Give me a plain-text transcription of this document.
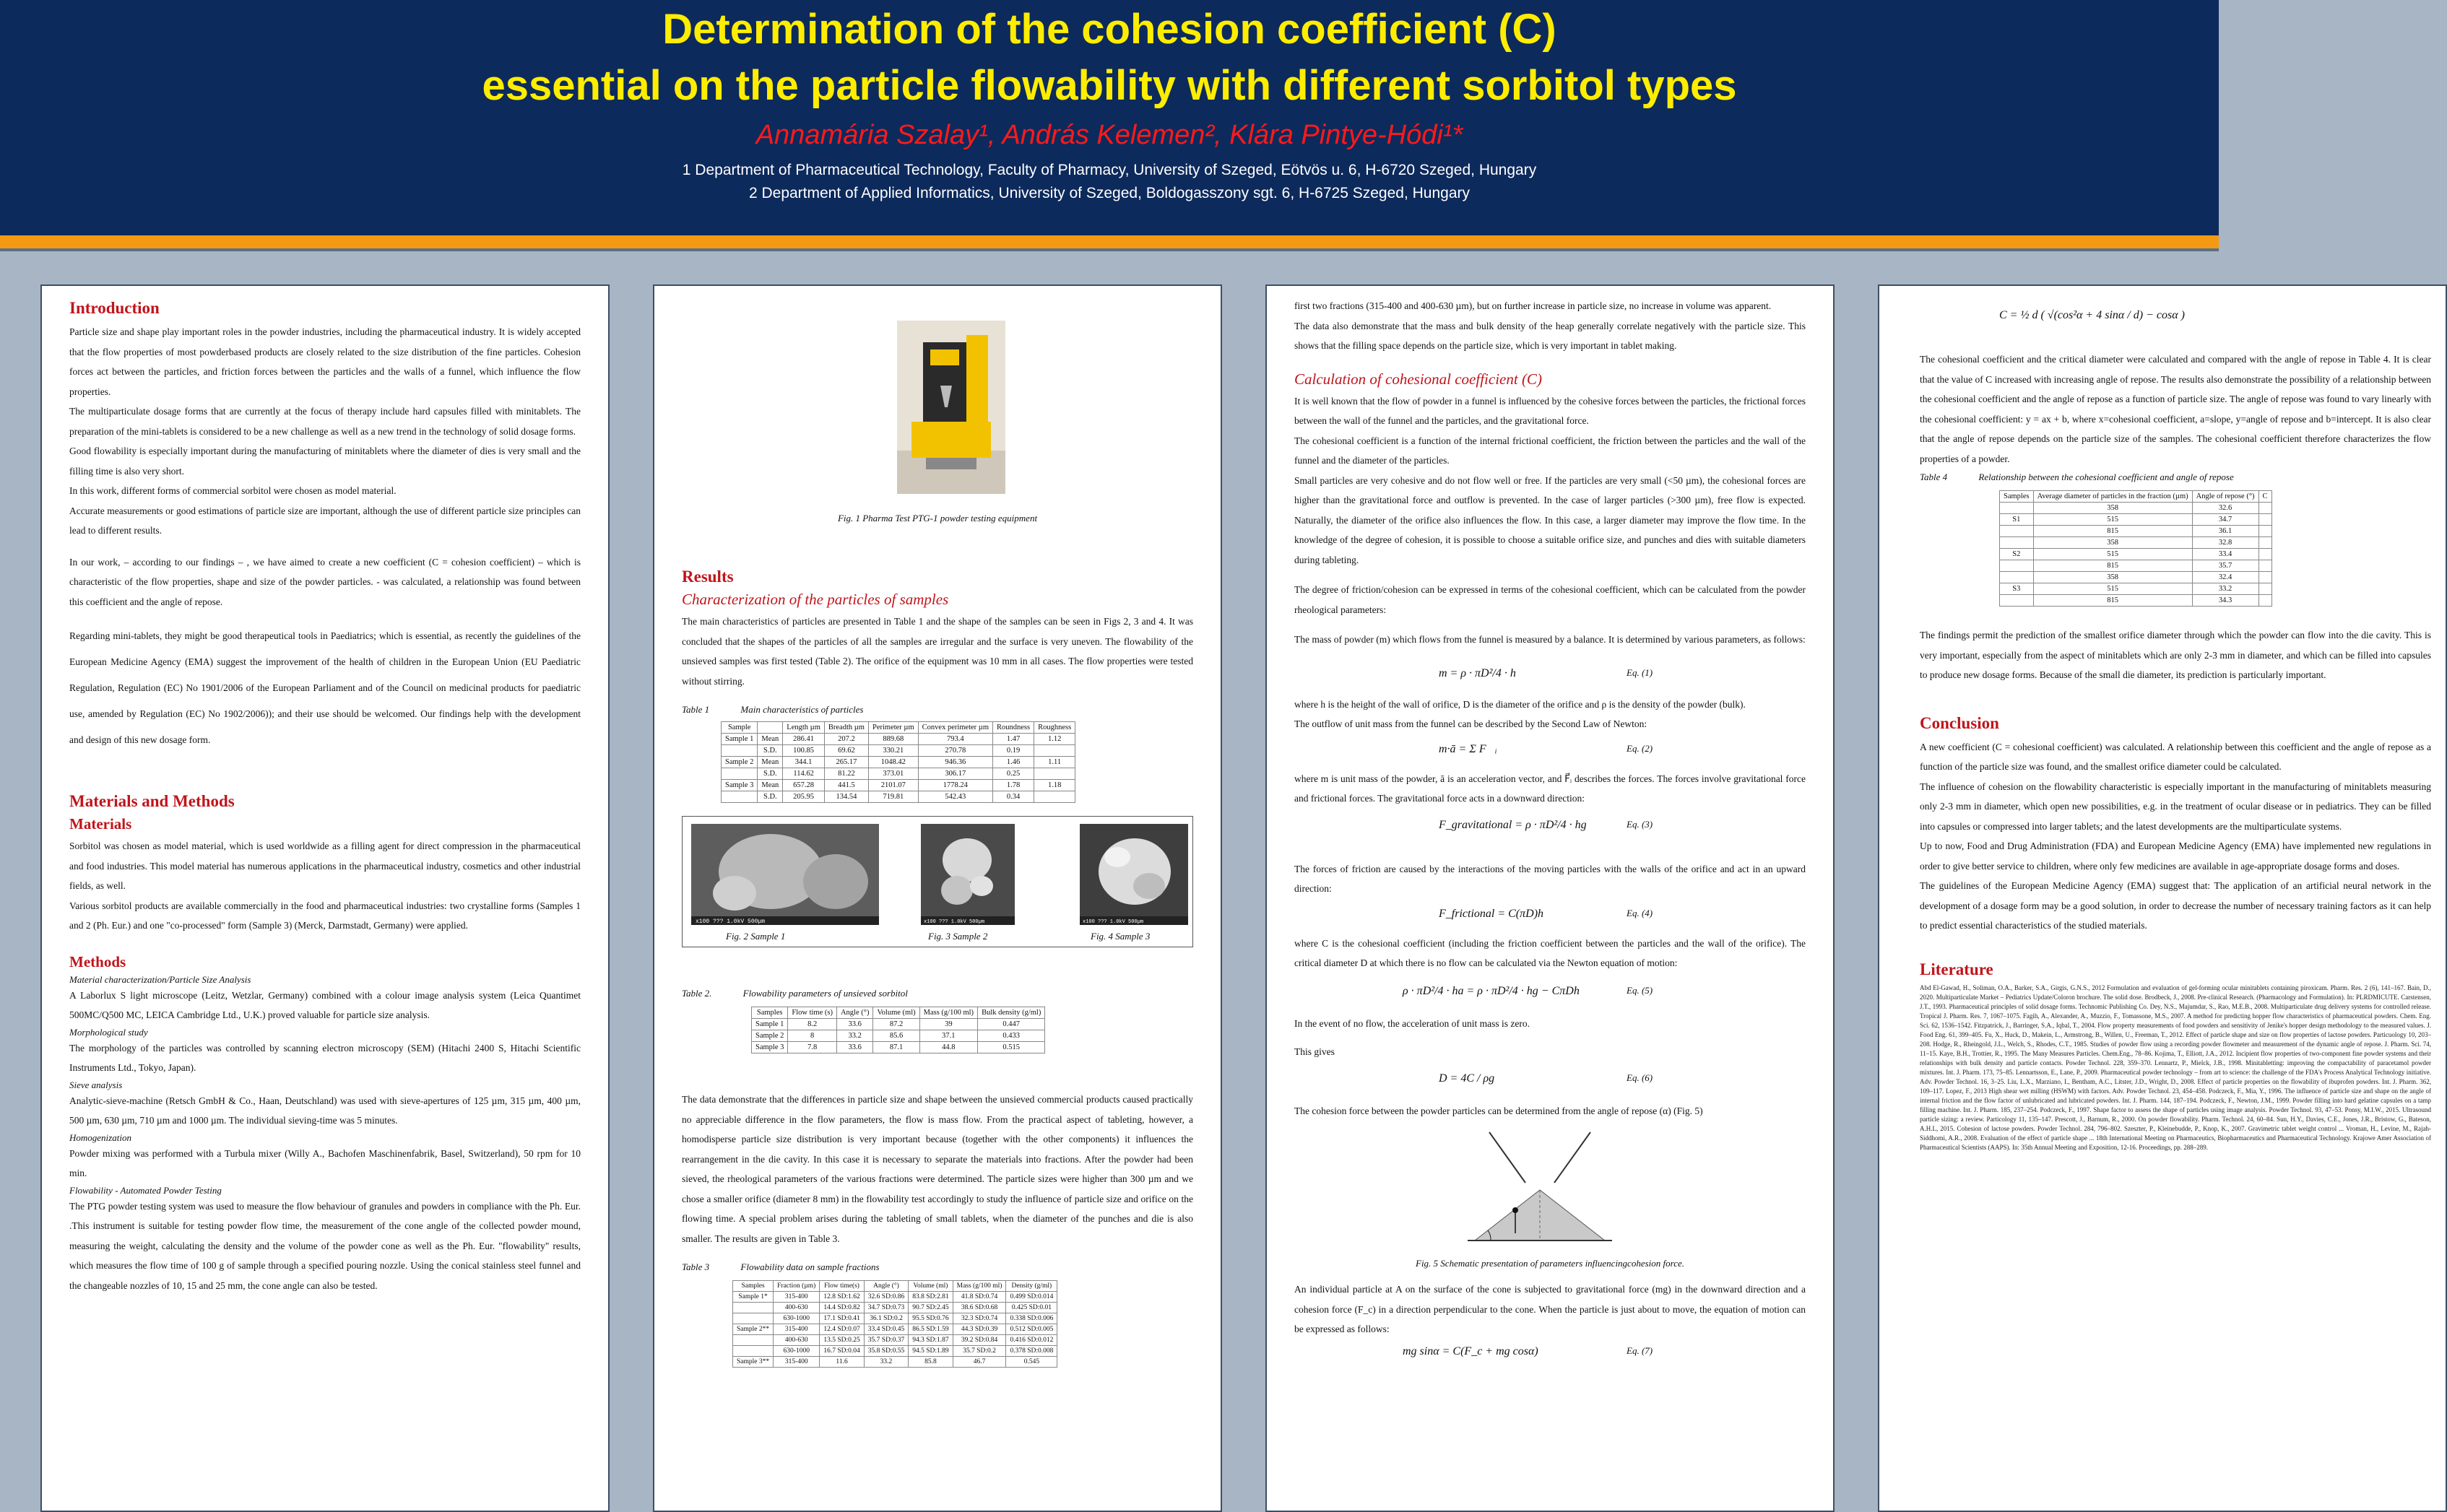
Determination of the cohesion coefficient (C)
essential on the particle flowability with different sorbitol types
Annamária Szalay¹, András Kelemen², Klára Pintye-Hódi¹*
1 Department of Pharmaceutical Technology, Faculty of Pharmacy, University of Szeged, Eötvös u. 6, H-6720 Szeged, Hungary
2 Department of Applied Informatics, University of Szeged, Boldogasszony sgt. 6, H-6725 Szeged, Hungary
Introduction

Particle size and shape play important roles in the powder industries, including the pharmaceutical industry. It is widely accepted that the flow properties of most powderbased products are closely related to the size distribution of the fine particles. Cohesion forces act between the particles, and friction forces between the particles and the walls of a funnel, which influence the flow properties.

The multiparticulate dosage forms that are currently at the focus of therapy include hard capsules filled with minitablets. The preparation of the mini-tablets is considered to be a new challenge as well as a new trend in the technology of solid dosage forms.

Good flowability is especially important during the manufacturing of minitablets where the diameter of dies is very small and the filling time is also very short.

In this work, different forms of commercial sorbitol were chosen as model material.

Accurate measurements or good estimations of particle size are important, although the use of different particle size principles can lead to different results.

In our work, – according to our findings – , we have aimed to create a new coefficient (C = cohesion coefficient) – which is characteristic of the flow properties, shape and size of the powder particles. - was calculated, a relationship was found between this coefficient and the angle of repose.

Regarding mini-tablets, they might be good therapeutical tools in Paediatrics; which is essential, as recently the guidelines of the European Medicine Agency (EMA) suggest the improvement of the health of children in the European Union (EU Paediatric Regulation, Regulation (EC) No 1901/2006 of the European Parliament and of the Council on medicinal products for paediatric use, amended by Regulation (EC) No 1902/2006)); and their use should be welcomed. Our findings help with the development and design of this new dosage form.

Materials and Methods
Materials

Sorbitol was chosen as model material, which is used worldwide as a filling agent for direct compression in the pharmaceutical and food industries. This model material has numerous applications in the pharmaceutical industry, cosmetics and other industrial fields, as well.

Various sorbitol products are available commercially in the food and pharmaceutical industries: two crystalline forms (Samples 1 and 2 (Ph. Eur.) and one "co-processed" form (Sample 3) (Merck, Darmstadt, Germany) were applied.

Methods
Material characterization/Particle Size Analysis

A Laborlux S light microscope (Leitz, Wetzlar, Germany) combined with a colour image analysis system (Leica Quantimet 500MC/Q500 MC, LEICA Cambridge Ltd., U.K.) proved valuable for particle size analysis.

Morphological study

The morphology of the particles was controlled by scanning electron microscopy (SEM) (Hitachi 2400 S, Hitachi Scientific Instruments Ltd., Tokyo, Japan).

Sieve analysis

Analytic-sieve-machine (Retsch GmbH & Co., Haan, Deutschland) was used with sieve-apertures of 125 µm, 315 µm, 400 µm, 500 µm, 630 µm, 710 µm and 1000 µm. The individual sieving-time was 5 minutes.

Homogenization

Powder mixing was performed with a Turbula mixer (Willy A., Bachofen Maschinenfabrik, Basel, Switzerland), 50 rpm for 10 min.

Flowability - Automated Powder Testing

The PTG powder testing system was used to measure the flow behaviour of granules and powders in compliance with the Ph. Eur. .This instrument is suitable for testing powder flow time, the measurement of the cone angle of the collected powder mound, measuring the weight, calculating the density and the volume of the powder cone as well as the Ph. Eur. "flowability" results, which measures the flow time of 100 g of sample through a specified pouring nozzle. Using the conical stainless steel funnel and the changeable nozzles of 10, 15 and 25 mm, the cone angle can also be tested.

Fig. 1 Pharma Test PTG-1 powder testing equipment
Results
Characterization of the particles of samples

The main characteristics of particles are presented in Table 1 and the shape of the samples can be seen in Figs 2, 3 and 4. It was concluded that the shapes of the particles of all the samples are irregular and the surface is very uneven. The flowability of the unsieved samples was first tested (Table 2). The orifice of the equipment was 10 mm in all cases. The flow properties were tested without stirring.

Table 1	Main characteristics of particles
Sample		Length µm	Breadth µm	Perimeter µm	Convex perimeter µm	Roundness	Roughness
Sample 1	Mean	286.41	207.2	889.68	793.4	1.47	1.12
	S.D.	100.85	69.62	330.21	270.78	0.19	
Sample 2	Mean	344.1	265.17	1048.42	946.36	1.46	1.11
	S.D.	114.62	81.22	373.01	306.17	0.25	
Sample 3	Mean	657.28	441.5	2101.07	1778.24	1.78	1.18
	S.D.	205.95	134.54	719.81	542.43	0.34	
x100 ??? 1.0kV 500µm	x100 ??? 1.0kV 500µm	x100 ??? 1.0kV 500µm
Fig. 2 Sample 1	Fig. 3 Sample 2	Fig. 4 Sample 3
Table 2.	Flowability parameters of unsieved sorbitol
Samples	Flow time (s)	Angle (°)	Volume (ml)	Mass (g/100 ml)	Bulk density (g/ml)
Sample 1	8.2	33.6	87.2	39	0.447
Sample 2	8	33.2	85.6	37.1	0.433
Sample 3	7.8	33.6	87.1	44.8	0.515

The data demonstrate that the differences in particle size and shape between the unsieved commercial products caused practically no appreciable difference in the flow parameters, the flow is mass flow. From the practical aspect of tableting, however, a homodisperse particle size distribution is very important because (together with the other components) it influences the rearrangement in the die cavity. In this case it is necessary to separate the materials into fractions. After the powder had been sieved, the rheological parameters of the various fractions were determined. The particle sizes were higher than 300 µm and we chose a smaller orifice (diameter 8 mm) in the flowability test accordingly to study the influence of particle size and orifice on the flowing time. A special problem arises during the tableting of small tablets, when the diameter of the punches and die is also smaller. The results are given in Table 3.

Table 3	Flowability data on sample fractions
Samples	Fraction (µm)	Flow time(s)	Angle (°)	Volume (ml)	Mass (g/100 ml)	Density (g/ml)
Sample 1*	315-400	12.8 SD:1.62	32.6 SD:0.86	83.8 SD:2.81	41.8 SD:0.74	0.499 SD:0.014
	400-630	14.4 SD:0.82	34.7 SD:0.73	90.7 SD:2.45	38.6 SD:0.68	0.425 SD:0.01
	630-1000	17.1 SD:0.41	36.1 SD:0.2	95.5 SD:0.76	32.3 SD:0.74	0.338 SD:0.006
Sample 2**	315-400	12.4 SD:0.07	33.4 SD:0.45	86.5 SD:1.59	44.3 SD:0.39	0.512 SD:0.005
	400-630	13.5 SD:0.25	35.7 SD:0.37	94.3 SD:1.87	39.2 SD:0.84	0.416 SD:0.012
	630-1000	16.7 SD:0.04	35.8 SD:0.55	94.5 SD:1.89	35.7 SD:0.2	0.378 SD:0.008
Sample 3**	315-400	11.6	33.2	85.8	46.7	0.545

first two fractions (315-400 and 400-630 µm), but on further increase in particle size, no increase in volume was apparent.

The data also demonstrate that the mass and bulk density of the heap generally correlate negatively with the particle size. This shows that the filling space depends on the particle size, which is very important in tablet making.

Calculation of cohesional coefficient (C)

It is well known that the flow of powder in a funnel is influenced by the cohesive forces between the particles, the frictional forces between the wall of the funnel and the particles, and the gravitational force.

The cohesional coefficient is a function of the internal frictional coefficient, the friction between the particles and the wall of the funnel and the diameter of the particles.

Small particles are very cohesive and do not flow well or free. If the particles are very small (<50 µm), the cohesional forces are higher than the gravitational force and outflow is prevented. In the case of larger particles (>300 µm), free flow is expected. Naturally, the diameter of the orifice also influences the flow. In this case, a larger diameter may improve the flow time. In the knowledge of the degree of cohesion, it is possible to choose a suitable orifice size, and punches and dies with suitable diameters during tableting.

The degree of friction/cohesion can be expressed in terms of the cohesional coefficient, which can be calculated from the powder rheological parameters:

The mass of powder (m) which flows from the funnel is measured by a balance. It is determined by various parameters, as follows:

m = ρ · πD²/4 · h	Eq. (1)

where h is the height of the wall of orifice, D is the diameter of the orifice and ρ is the density of the powder (bulk).

The outflow of unit mass from the funnel can be described by the Second Law of Newton:

m·ā = Σ F⃗ᵢ	Eq. (2)

where m is unit mass of the powder, ā is an acceleration vector, and F⃗ᵢ describes the forces. The forces involve gravitational force and frictional forces. The gravitational force acts in a downward direction:

F_gravitational = ρ · πD²/4 · hg	Eq. (3)

The forces of friction are caused by the interactions of the moving particles with the walls of the orifice and act in an upward direction:

F_frictional = C(πD)h	Eq. (4)

where C is the cohesional coefficient (including the friction coefficient between the particles and the wall of the orifice). The critical diameter D at which there is no flow can be calculated via the Newton equation of motion:

ρ · πD²/4 · ha = ρ · πD²/4 · hg − CπDh	Eq. (5)

In the event of no flow, the acceleration of unit mass is zero.

This gives

D = 4C / ρg	Eq. (6)

The cohesion force between the powder particles can be determined from the angle of repose (α) (Fig. 5)

Fig. 5 Schematic presentation of parameters influencingcohesion force.

An individual particle at A on the surface of the cone is subjected to gravitational force (mg) in the downward direction and a cohesion force (F_c) in a direction perpendicular to the cone. When the particle is just about to move, the equation of motion can be expressed as follows:

mg sinα = C(F_c + mg cosα)	Eq. (7)
C = ½ d ( √(cos²α + 4 sinα / d) − cosα )

The cohesional coefficient and the critical diameter were calculated and compared with the angle of repose in Table 4. It is clear that the value of C increased with increasing angle of repose. The results also demonstrate the possibility of a relationship between the cohesional coefficient and the angle of repose as a function of particle size. The angle of repose was found to vary linearly with the cohesional coefficient: y = ax + b, where x=cohesional coefficient, a=slope, y=angle of repose and b=intercept. It is also clear that the angle of repose depends on the particle size of the samples. The cohesional coefficient therefore characterizes the flow properties of a powder.

Table 4	Relationship between the cohesional coefficient and angle of repose
Samples	Average diameter of particles in the fraction (µm)	Angle of repose (°)	C
	358	32.6	
S1	515	34.7	
	815	36.1	
	358	32.8	
S2	515	33.4	
	815	35.7	
	358	32.4	
S3	515	33.2	
	815	34.3	

The findings permit the prediction of the smallest orifice diameter through which the powder can flow into the die cavity. This is very important, especially from the aspect of minitablets which are only 2-3 mm in diameter, and which can be filled into capsules to produce new dosage forms. Because of the small die diameter, its prediction is particularly important.

Conclusion

A new coefficient (C = cohesional coefficient) was calculated. A relationship between this coefficient and the angle of repose as a function of the particle size was found, and the smallest orifice diameter could be calculated.

The influence of cohesion on the flowability characteristic is especially important in the manufacturing of minitablets measuring only 2-3 mm in diameter, which open new possibilities, e.g. in the treatment of ocular disease or in pediatrics. They can be filled into capsules or compressed into larger tablets; and the latest developments are the multiparticulate systems.

Up to now, Food and Drug Administration (FDA) and European Medicine Agency (EMA) have implemented new regulations in order to give better service to children, where only few medicines are available in age-appropriate dosage forms and doses.

The guidelines of the European Medicine Agency (EMA) suggest that: The application of an artificial neural network in the development of a dosage form may be a good solution, in order to decrease the number of necessary training factors as it can help to predict essential characteristics of the studied materials.

Literature

Abd El-Gawad, H., Soliman, O.A., Barker, S.A., Girgis, G.N.S., 2012 Formulation and evaluation of gel-forming ocular minitablets containing piroxicam. Pharm. Res. 2 (6), 141–167. Bain, D., 2020. Multiparticulate Market – Pediatrics Update/Coloron brochure. The solid dose. Brodbeck, J., 2008. Pre-clinical Research. (Pharmacology and Formulation). In: PLRDMICUTE. Carstensen, J.T., 1993. Pharmaceutical principles of solid dosage forms. Technomic Publishing Co. Dey, N.S., Majumdar, S., Rao, M.E.B., 2008. Multiparticulate drug delivery systems for controlled release. Tropical J. Pharm. Res. 7, 1067–1075. Fagih, A., Alexander, A., Muzzio, F., Tomassone, M.S., 2007. A method for predicting hopper flow characteristics of pharmaceutical powders. Chem. Eng. Sci. 62, 1536–1542. Fitzpatrick, J., Barringer, S.A., Iqbal, T., 2004. Flow property measurements of food powders and sensitivity of Jenike's hopper design methodology to the measured values. J. Food Eng. 61, 399–405. Fu, X., Huck, D., Makein, L., Armstrong, B., Willen, U., Freeman, T., 2012. Effect of particle shape and size on flow properties of lactose powders. Particuology 10, 203–208. Hodge, R., Rheingold, J.L., Welch, S., Rhodes, C.T., 1985. Studies of powder flow using a recording powder flowmeter and measurement of the dynamic angle of repose. J. Pharm. Sci. 74, 11–15. Kaye, B.H., Trottier, R., 1995. The Many Measures Particles. Chem.Eng., 78–86. Kojima, T., Elliott, J.A., 2012. Incipient flow properties of two-component fine powder systems and their relationships with bulk density and particle contacts. Powder Technol. 228, 359–370. Lennartz, P., Mielck, J.B., 1998. Minitabletting: improving the compactability of paracetamol powder mixtures. Int. J. Pharm. 173, 75–85. Lennartsson, E., Lane, P., 2009. Pharmaceutical powder technology – from art to science: the challenge of the FDA's Process Analytical Technology initiative. Adv. Powder Technol. 16, 3–25. Liu, L.X., Marziano, I., Bentham, A.C., Litster, J.D., Wright, D., 2008. Effect of particle properties on the flowability of ibuprofen powders. Int. J. Pharm. 362, 109–117. Lopez, F., 2013 High shear wet milling (HSWM) with factors. Adv. Powder Technol. 23, 454–458. Podczeck, F., Mia, Y., 1996. The influence of particle size and shape on the angle of internal friction and the flow factor of unlubricated and lubricated powders. Int. J. Pharm. 144, 187–194. Podczeck, F., Newton, J.M., 1999. Powder filling into hard gelatine capsules on a tamp filling machine. Int. J. Pharm. 185, 237–254. Podczeck, F., 1997. Shape factor to assess the shape of particles using image analysis. Powder Technol. 93, 47–53. Ponsy, M.I.W., 2015. Ultrasound particle sizing: a review. Particology 11, 135–147. Prescott, J., Barnum, R., 2000. On powder flowability. Pharm. Technol. 24, 60–84. Sun, H.Y., Davies, C.E., Jones, J.R., Bristow, G., Bateson, A.H.L, 2015. Cohesion of lactose powders. Powder Technol. 284, 796–802. Szeszter, P., Kleinebudde, P., Knop, K., 2007. Gravimetric tablet weight control ... Vroman, H., Levine, M., Rajah-Siddhomi, A.R., 2008. Evaluation of the effect of particle shape ... 18th International Meeting on Pharmaceutics, Biopharmaceutics and Pharmaceutical Technology. Krajowe Amer Association of Pharmaceutical Scientists (AAPS). In: 35th Annual Meeting and Exposition, 12-16. Proceedings, pp. 288–289.
